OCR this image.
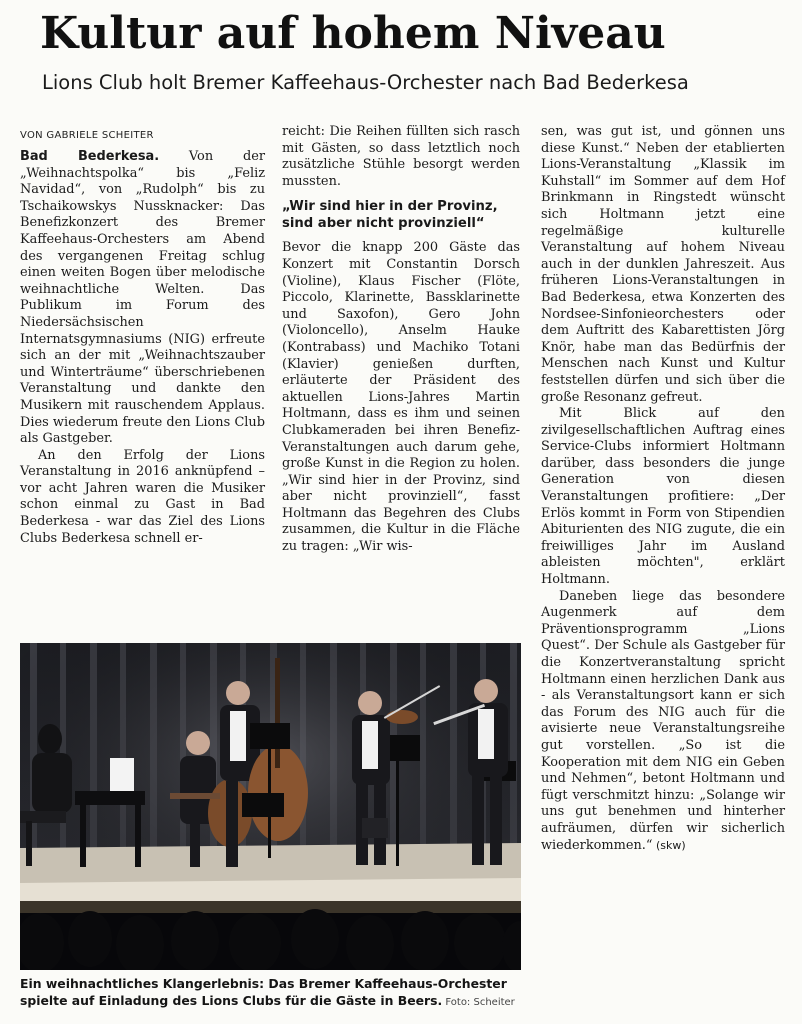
Kultur auf hohem Niveau
Lions Club holt Bremer Kaffeehaus-Orchester nach Bad Bederkesa
VON GABRIELE SCHEITER

Bad Bederkesa. Von der „Weihnachtspolka“ bis „Feliz Navidad“, von „Rudolph“ bis zu Tschaikowskys Nussknacker: Das Benefizkonzert des Bremer Kaffeehaus-Orchesters am Abend des vergangenen Freitag schlug einen weiten Bogen über melodische weihnachtliche Welten. Das Publikum im Forum des Niedersächsischen Internatsgymnasiums (NIG) erfreute sich an der mit „Weihnachtszauber und Winterträume“ überschriebenen Veranstaltung und dankte den Musikern mit rauschendem Applaus. Dies wiederum freute den Lions Club als Gastgeber.

An den Erfolg der Lions Veranstaltung in 2016 anknüpfend – vor acht Jahren waren die Musiker schon einmal zu Gast in Bad Bederkesa - war das Ziel des Lions Clubs Bederkesa schnell er-

reicht: Die Reihen füllten sich rasch mit Gästen, so dass letztlich noch zusätzliche Stühle besorgt werden mussten.

„Wir sind hier in der Provinz, sind aber nicht provinziell“

Bevor die knapp 200 Gäste das Konzert mit Constantin Dorsch (Violine), Klaus Fischer (Flöte, Piccolo, Klarinette, Bassklarinette und Saxofon), Gero John (Violoncello), Anselm Hauke (Kontrabass) und Machiko Totani (Klavier) genießen durften, erläuterte der Präsident des aktuellen Lions-Jahres Martin Holtmann, dass es ihm und seinen Clubkameraden bei ihren Benefiz-Veranstaltungen auch darum gehe, große Kunst in die Region zu holen. „Wir sind hier in der Provinz, sind aber nicht provinziell“, fasst Holtmann das Begehren des Clubs zusammen, die Kultur in die Fläche zu tragen: „Wir wis-

sen, was gut ist, und gönnen uns diese Kunst.“ Neben der etablierten Lions-Veranstaltung „Klassik im Kuhstall“ im Sommer auf dem Hof Brinkmann in Ringstedt wünscht sich Holtmann jetzt eine regelmäßige kulturelle Veranstaltung auf hohem Niveau auch in der dunklen Jahreszeit. Aus früheren Lions-Veranstaltungen in Bad Bederkesa, etwa Konzerten des Nordsee-Sinfonieorchesters oder dem Auftritt des Kabarettisten Jörg Knör, habe man das Bedürfnis der Menschen nach Kunst und Kultur feststellen dürfen und sich über die große Resonanz gefreut.

Mit Blick auf den zivilgesellschaftlichen Auftrag eines Service-Clubs informiert Holtmann darüber, dass besonders die junge Generation von diesen Veranstaltungen profitiere: „Der Erlös kommt in Form von Stipendien Abiturienten des NIG zugute, die ein freiwilliges Jahr im Ausland ableisten möchten", erklärt Holtmann.

Daneben liege das besondere Augenmerk auf dem Präventionsprogramm „Lions Quest“. Der Schule als Gastgeber für die Konzertveranstaltung spricht Holtmann einen herzlichen Dank aus - als Veranstaltungsort kann er sich das Forum des NIG auch für die avisierte neue Veranstaltungsreihe gut vorstellen. „So ist die Kooperation mit dem NIG ein Geben und Nehmen“, betont Holtmann und fügt verschmitzt hinzu: „Solange wir uns gut benehmen und hinterher aufräumen, dürfen wir sicherlich wiederkommen.“ (skw)

Ein weihnachtliches Klangerlebnis: Das Bremer Kaffeehaus-Orchester spielte auf Einladung des Lions Clubs für die Gäste in Beers. Foto: Scheiter
